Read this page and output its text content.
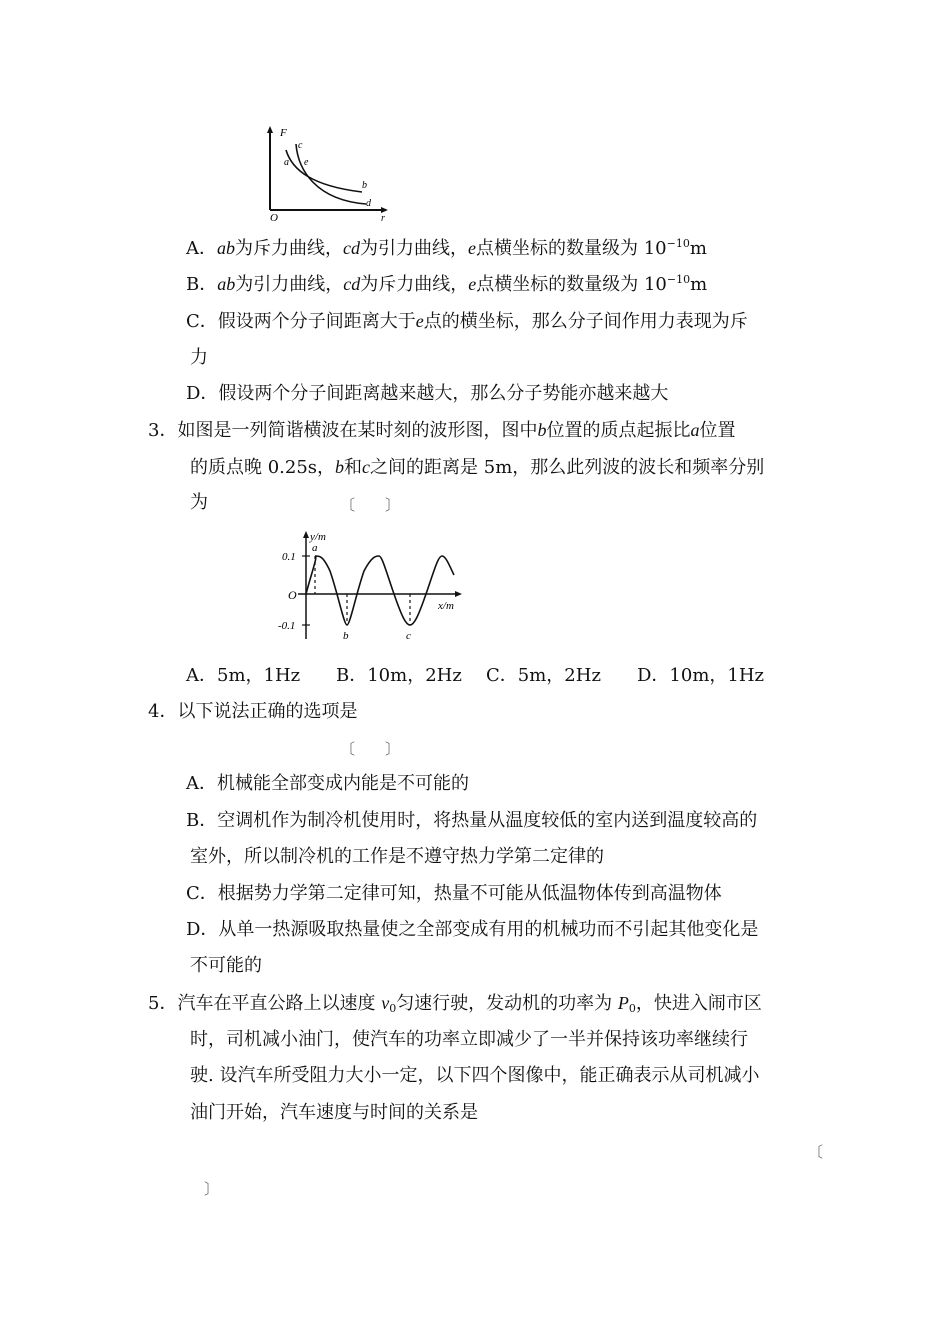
F
c
a e
b
d
O	r
A．ab为斥力曲线，cd为引力曲线，e点横坐标的数量级为 $10^{-10}m$
B．ab为引力曲线，cd为斥力曲线，e点横坐标的数量级为 $10^{-10}m$
C．假设两个分子间距离大于e点的横坐标，那么分子间作用力表现为斥
力
D．假设两个分子间距离越来越大，那么分子势能亦越来越大
3．如图是一列简谐横波在某时刻的波形图，图中b位置的质点起振比a位置
的质点晚 0.25s，b和c之间的距离是 5m，那么此列波的波长和频率分别
为	〔　　〕
y/m
x/m
0.1
-0.1
O
a
b	c
A．5m，1Hz B．10m，2Hz C．5m，2Hz D．10m，1Hz
4．以下说法正确的选项是
〔　　〕
A．机械能全部变成内能是不可能的
B．空调机作为制冷机使用时，将热量从温度较低的室内送到温度较高的
室外，所以制冷机的工作是不遵守热力学第二定律的
C．根据势力学第二定律可知，热量不可能从低温物体传到高温物体
D．从单一热源吸取热量使之全部变成有用的机械功而不引起其他变化是
不可能的
5．汽车在平直公路上以速度 $v_0$匀速行驶，发动机的功率为 $P_0$，快进入闹市区
时，司机减小油门，使汽车的功率立即减少了一半并保持该功率继续行
驶. 设汽车所受阻力大小一定，以下四个图像中，能正确表示从司机减小
油门开始，汽车速度与时间的关系是
〔
〕
